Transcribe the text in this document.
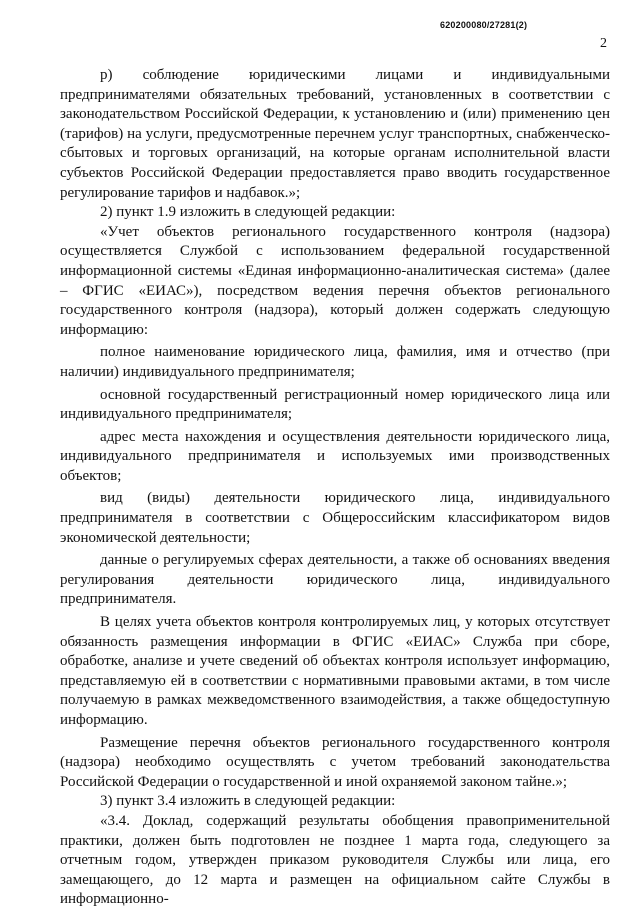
620200080/27281(2)
2

р) соблюдение юридическими лицами и индивидуальными предпринимателями обязательных требований, установленных в соответствии с законодательством Российской Федерации, к установлению и (или) применению цен (тарифов) на услуги, предусмотренные перечнем услуг транспортных, снабженческо-сбытовых и торговых организаций, на которые органам исполнительной власти субъектов Российской Федерации предоставляется право вводить государственное регулирование тарифов и надбавок.»;

2) пункт 1.9 изложить в следующей редакции:

«Учет объектов регионального государственного контроля (надзора) осуществляется Службой с использованием федеральной государственной информационной системы «Единая информационно-аналитическая система» (далее – ФГИС «ЕИАС»), посредством ведения перечня объектов регионального государственного контроля (надзора), который должен содержать следующую информацию:

полное наименование юридического лица, фамилия, имя и отчество (при наличии) индивидуального предпринимателя;

основной государственный регистрационный номер юридического лица или индивидуального предпринимателя;

адрес места нахождения и осуществления деятельности юридического лица, индивидуального предпринимателя и используемых ими производственных объектов;

вид (виды) деятельности юридического лица, индивидуального предпринимателя в соответствии с Общероссийским классификатором видов экономической деятельности;

данные о регулируемых сферах деятельности, а также об основаниях введения регулирования деятельности юридического лица, индивидуального предпринимателя.

В целях учета объектов контроля контролируемых лиц, у которых отсутствует обязанность размещения информации в ФГИС «ЕИАС» Служба при сборе, обработке, анализе и учете сведений об объектах контроля использует информацию, представляемую ей в соответствии с нормативными правовыми актами, в том числе получаемую в рамках межведомственного взаимодействия, а также общедоступную информацию.

Размещение перечня объектов регионального государственного контроля (надзора) необходимо осуществлять с учетом требований законодательства Российской Федерации о государственной и иной охраняемой законом тайне.»;

3) пункт 3.4 изложить в следующей редакции:

«3.4. Доклад, содержащий результаты обобщения правоприменительной практики, должен быть подготовлен не позднее 1 марта года, следующего за отчетным годом, утвержден приказом руководителя Службы или лица, его замещающего, до 12 марта и размещен на официальном сайте Службы в информационно-
